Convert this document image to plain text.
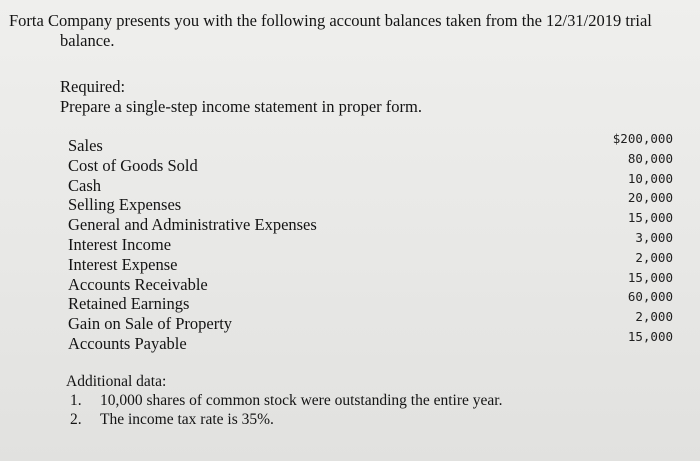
Forta Company presents you with the following account balances taken from the 12/31/2019 trial
balance.
Required:
Prepare a single-step income statement in proper form.
Sales
Cost of Goods Sold
Cash
Selling Expenses
General and Administrative Expenses
Interest Income
Interest Expense
Accounts Receivable
Retained Earnings
Gain on Sale of Property
Accounts Payable
$200,000
80,000
10,000
20,000
15,000
3,000
2,000
15,000
60,000
2,000
15,000
Additional data:
1.	10,000 shares of common stock were outstanding the entire year.
2.	The income tax rate is 35%.
